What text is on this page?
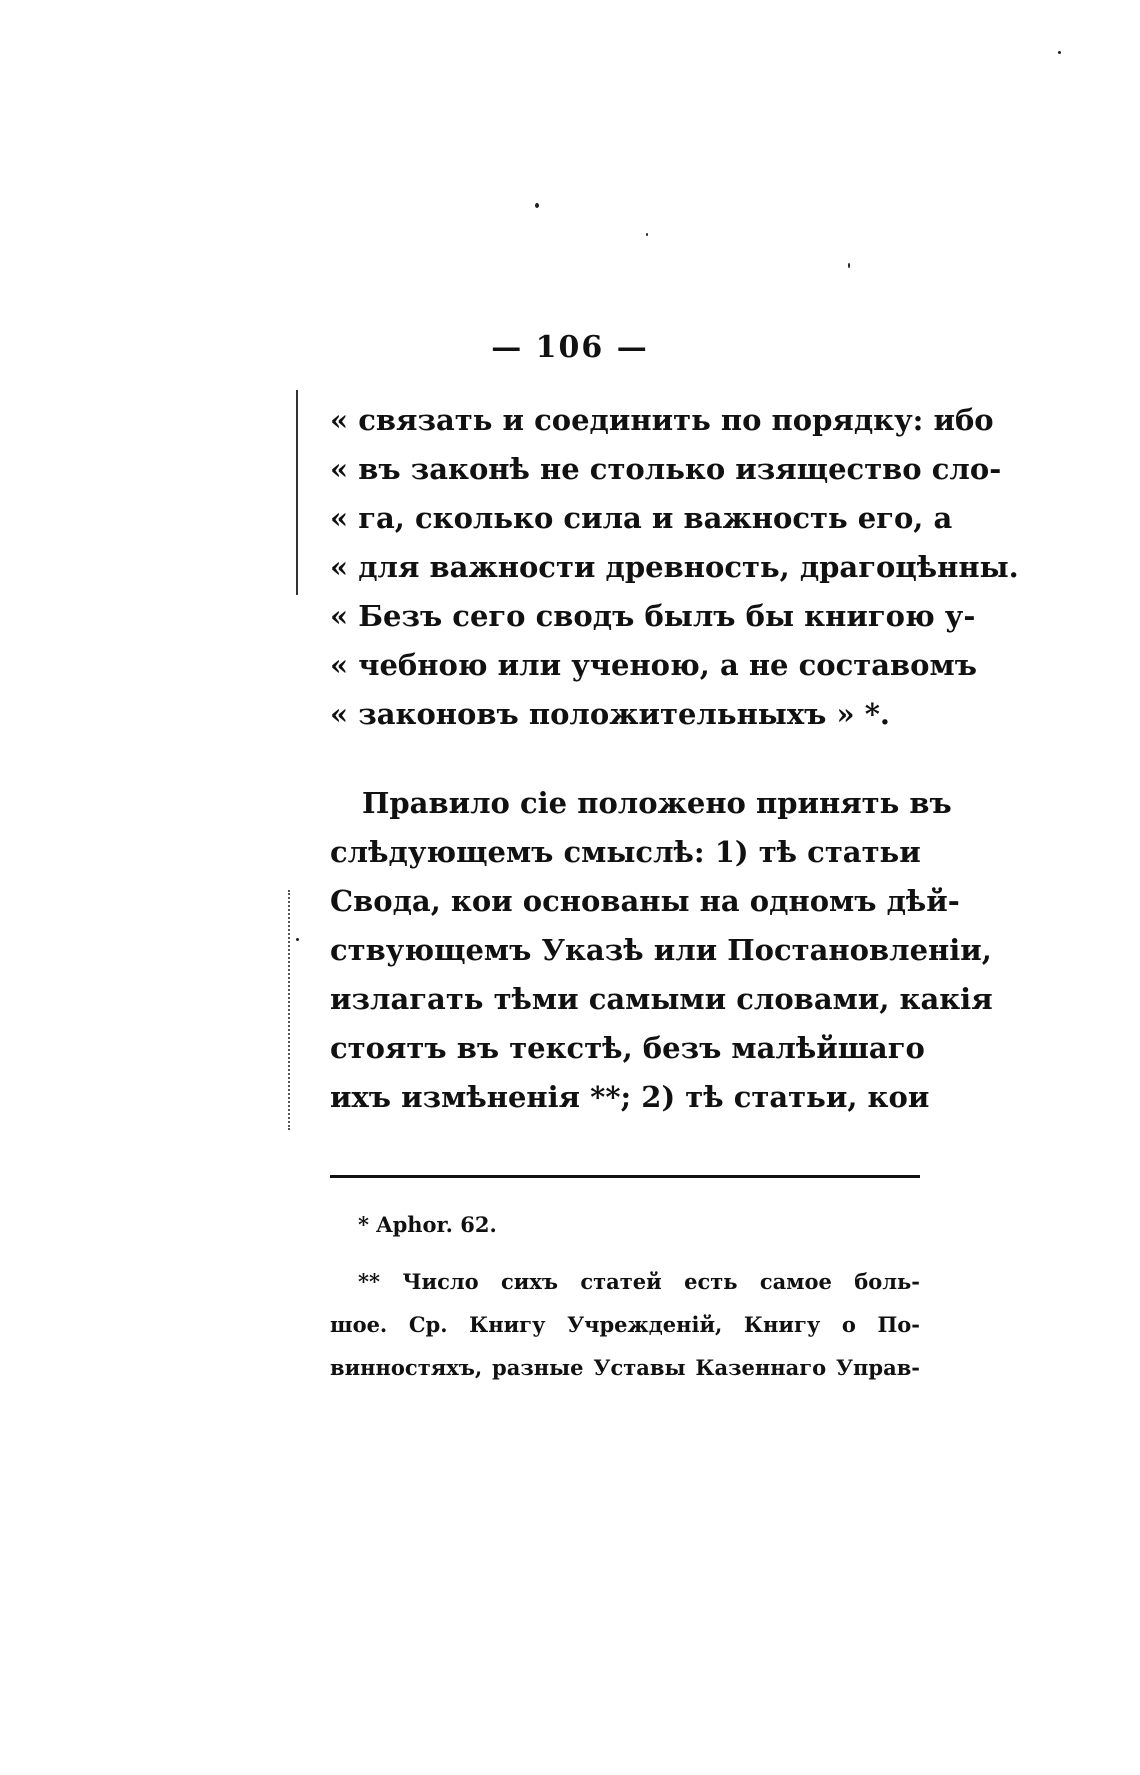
— 106 —
« связать и соединить по порядку: ибо
« въ законѣ не столько изящество сло-
« га, сколько сила и важность его, а
« для важности древность, драгоцѣнны.
« Безъ сего сводъ былъ бы книгою у-
« чебною или ученою, а не составомъ
« законовъ положительныхъ » *.
Правило сіе положено принять въ
слѣдующемъ смыслѣ: 1) тѣ статьи
Свода, кои основаны на одномъ дѣй-
ствующемъ Указѣ или Постановленіи,
излагать тѣми самыми словами, какія
стоятъ въ текстѣ, безъ малѣйшаго
ихъ измѣненія **; 2) тѣ статьи, кои
* Aphor. 62.
** Число сихъ статей есть самое боль-
шое. Ср. Книгу Учрежденій, Книгу о По-
винностяхъ, разные Уставы Казеннаго Управ-
